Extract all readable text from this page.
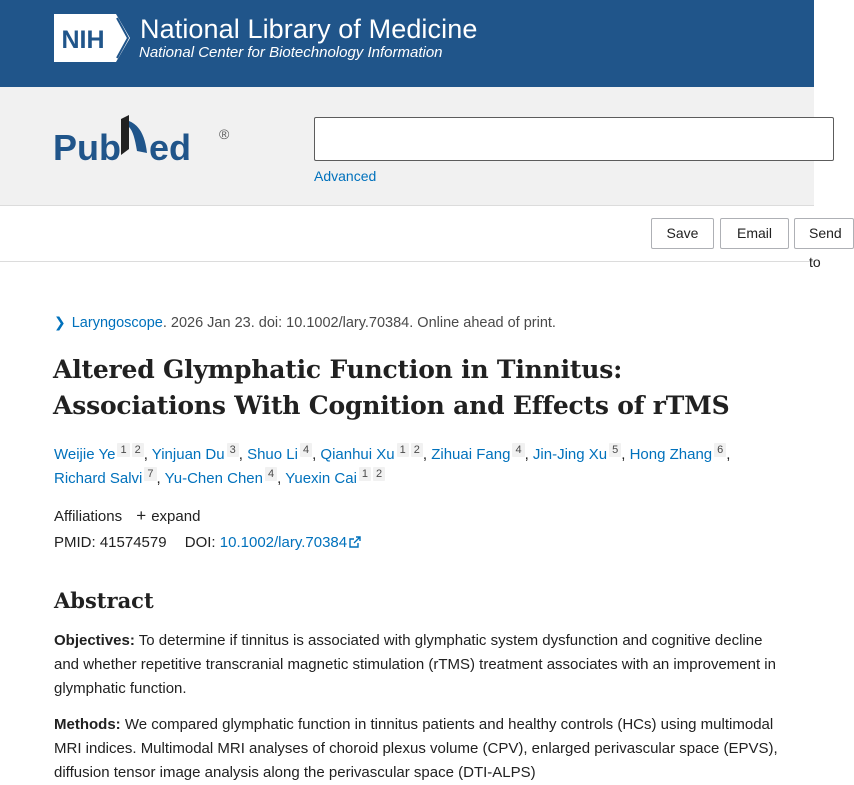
NIH National Library of Medicine
National Center for Biotechnology Information
Pub ed ®
Advanced
Save	Email	Send to
❯ Laryngoscope. 2026 Jan 23. doi: 10.1002/lary.70384. Online ahead of print.
Altered Glymphatic Function in Tinnitus: Associations With Cognition and Effects of rTMS
Weijie Ye 1 2 , Yinjuan Du 3 , Shuo Li 4 , Qianhui Xu 1 2 , Zihuai Fang 4 , Jin-Jing Xu 5 , Hong Zhang 6 ,
Richard Salvi 7 , Yu-Chen Chen 4 , Yuexin Cai 1 2
Affiliations + expand
PMID: 41574579 DOI: 10.1002/lary.70384
Abstract

Objectives: To determine if tinnitus is associated with glymphatic system dysfunction and cognitive decline and whether repetitive transcranial magnetic stimulation (rTMS) treatment associates with an improvement in glymphatic function.

Methods: We compared glymphatic function in tinnitus patients and healthy controls (HCs) using multimodal MRI indices. Multimodal MRI analyses of choroid plexus volume (CPV), enlarged perivascular space (EPVS), diffusion tensor image analysis along the perivascular space (DTI-ALPS)
